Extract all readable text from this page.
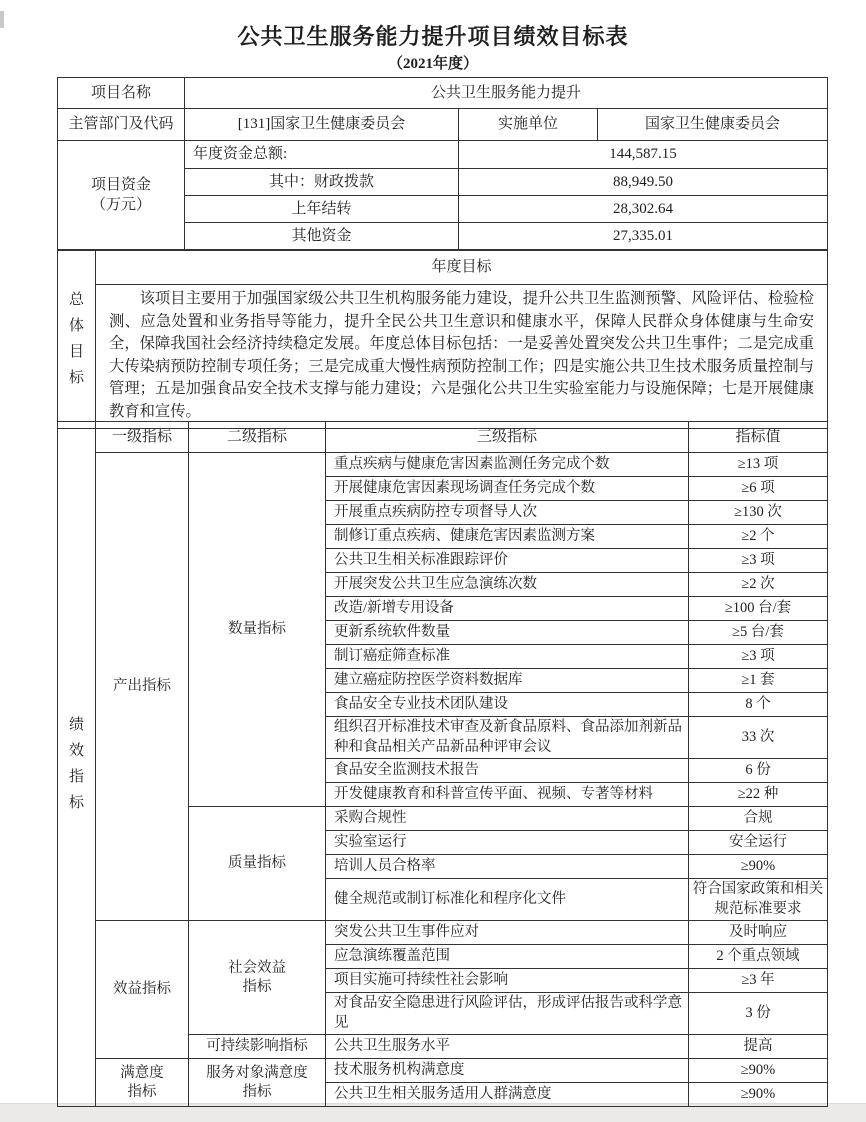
公共卫生服务能力提升项目绩效目标表
（2021年度）
项目名称	公共卫生服务能力提升		
主管部门及代码	[131]国家卫生健康委员会	实施单位	国家卫生健康委员会
项目资金（万元）	年度资金总额:	144,587.15	
	其中：财政拨款	88,949.50	
	上年结转	28,302.64	
	其他资金	27,335.01	
总体目标	年度目标
该项目主要用于加强国家级公共卫生机构服务能力建设，提升公共卫生监测预警、风险评估、检验检测、应急处置和业务指导等能力，提升全民公共卫生意识和健康水平，保障人民群众身体健康与生命安全，保障我国社会经济持续稳定发展。年度总体目标包括：一是妥善处置突发公共卫生事件；二是完成重大传染病预防控制专项任务；三是完成重大慢性病预防控制工作；四是实施公共卫生技术服务质量控制与管理；五是加强食品安全技术支撑与能力建设；六是强化公共卫生实验室能力与设施保障；七是开展健康教育和宣传。
绩效指标	一级指标	二级指标	三级指标	指标值
	产出指标	数量指标	重点疾病与健康危害因素监测任务完成个数	≥13 项
			开展健康危害因素现场调查任务完成个数	≥6 项
			开展重点疾病防控专项督导人次	≥130 次
			制修订重点疾病、健康危害因素监测方案	≥2 个
			公共卫生相关标准跟踪评价	≥3 项
			开展突发公共卫生应急演练次数	≥2 次
			改造/新增专用设备	≥100 台/套
			更新系统软件数量	≥5 台/套
			制订癌症筛查标准	≥3 项
			建立癌症防控医学资料数据库	≥1 套
			食品安全专业技术团队建设	8 个
			组织召开标准技术审查及新食品原料、食品添加剂新品种和食品相关产品新品种评审会议	33 次
			食品安全监测技术报告	6 份
			开发健康教育和科普宣传平面、视频、专著等材料	≥22 种
		质量指标	采购合规性	合规
			实验室运行	安全运行
			培训人员合格率	≥90%
			健全规范或制订标准化和程序化文件	符合国家政策和相关规范标准要求
	效益指标	社会效益指标	突发公共卫生事件应对	及时响应
			应急演练覆盖范围	2 个重点领域
			项目实施可持续性社会影响	≥3 年
			对食品安全隐患进行风险评估，形成评估报告或科学意见	3 份
		可持续影响指标	公共卫生服务水平	提高
	满意度指标	服务对象满意度指标	技术服务机构满意度	≥90%
			公共卫生相关服务适用人群满意度	≥90%
